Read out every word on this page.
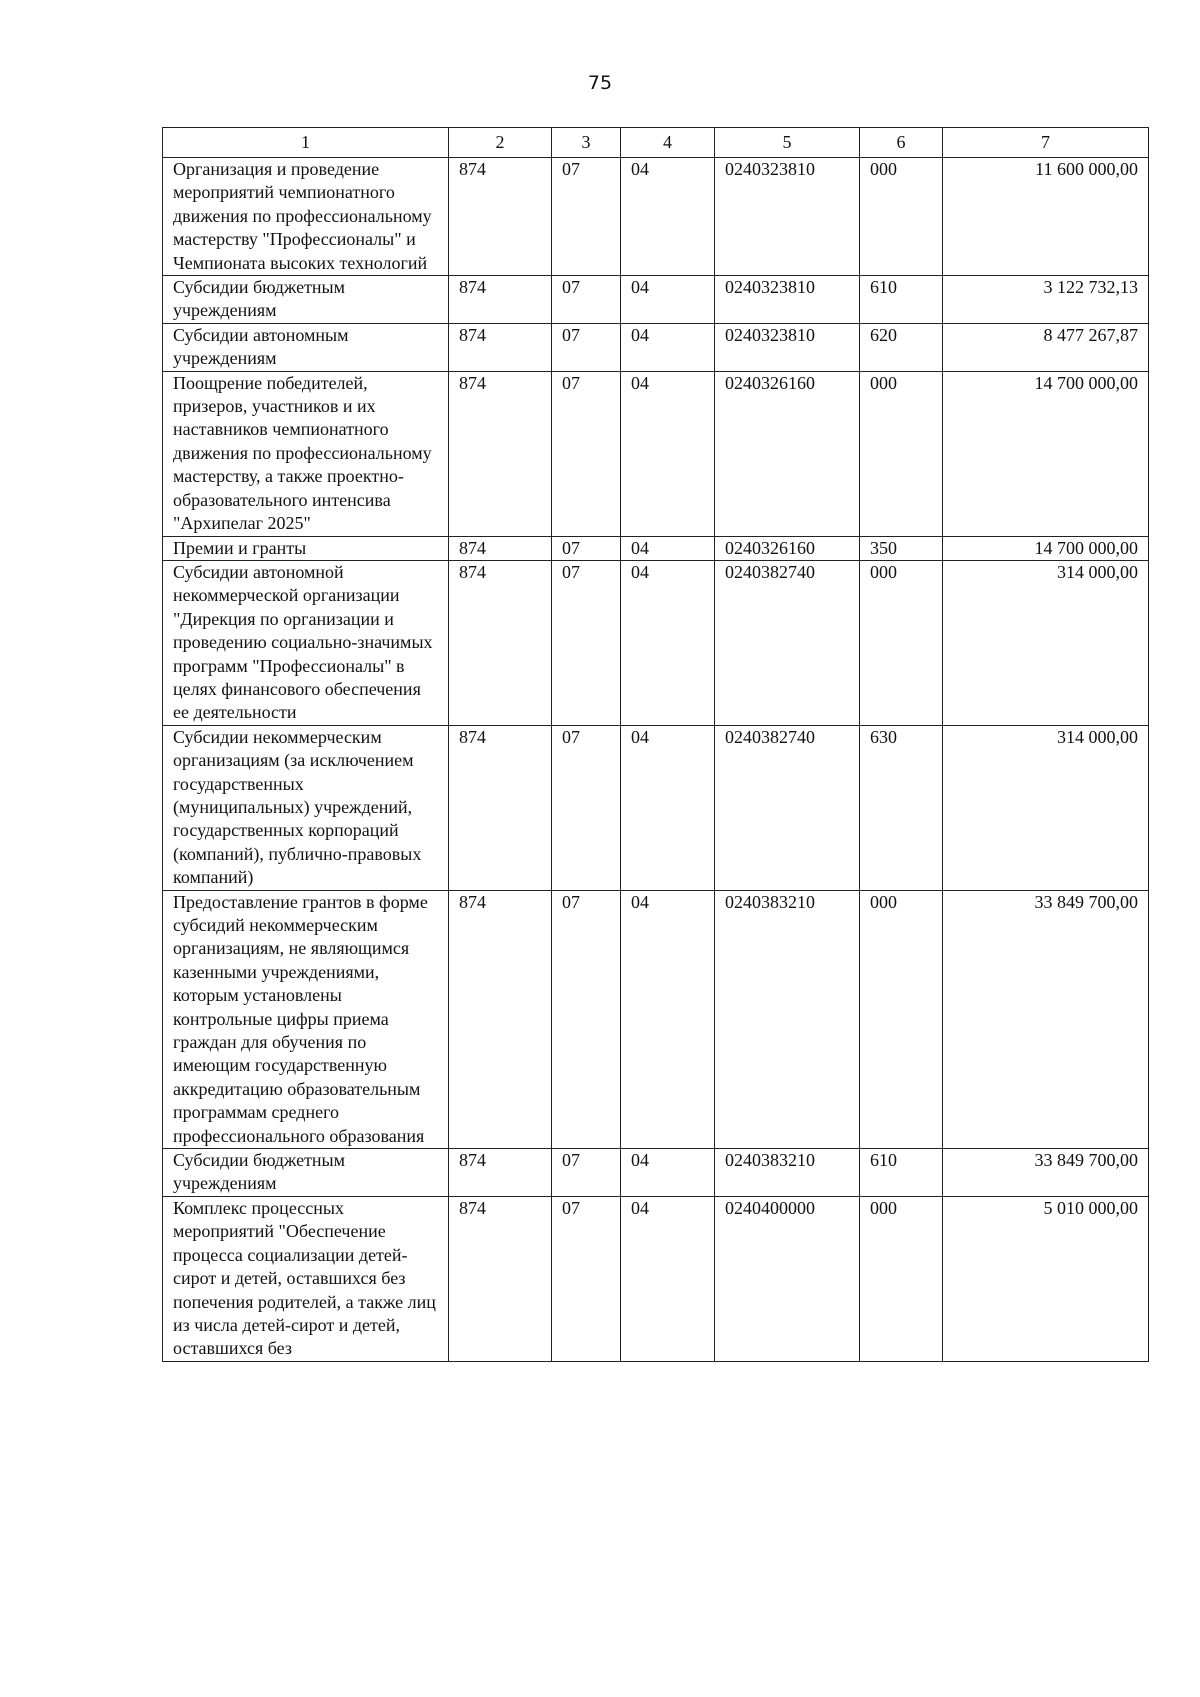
75
1	2	3	4	5	6	7
Организация и проведение мероприятий чемпионатного движения по профессиональному мастерству "Профессионалы" и Чемпионата высоких технологий	874	07	04	0240323810	000	11 600 000,00
Субсидии бюджетным учреждениям	874	07	04	0240323810	610	3 122 732,13
Субсидии автономным учреждениям	874	07	04	0240323810	620	8 477 267,87
Поощрение победителей, призеров, участников и их наставников чемпионатного движения по профессиональному мастерству, а также проектно-образовательного интенсива "Архипелаг 2025"	874	07	04	0240326160	000	14 700 000,00
Премии и гранты	874	07	04	0240326160	350	14 700 000,00
Субсидии автономной некоммерческой организации "Дирекция по организации и проведению социально-значимых программ "Профессионалы" в целях финансового обеспечения ее деятельности	874	07	04	0240382740	000	314 000,00
Субсидии некоммерческим организациям (за исключением государственных (муниципальных) учреждений, государственных корпораций (компаний), публично-правовых компаний)	874	07	04	0240382740	630	314 000,00
Предоставление грантов в форме субсидий некоммерческим организациям, не являющимся казенными учреждениями, которым установлены контрольные цифры приема граждан для обучения по имеющим государственную аккредитацию образовательным программам среднего профессионального образования	874	07	04	0240383210	000	33 849 700,00
Субсидии бюджетным учреждениям	874	07	04	0240383210	610	33 849 700,00
Комплекс процессных мероприятий "Обеспечение процесса социализации детей-сирот и детей, оставшихся без попечения родителей, а также лиц из числа детей-сирот и детей, оставшихся без	874	07	04	0240400000	000	5 010 000,00
